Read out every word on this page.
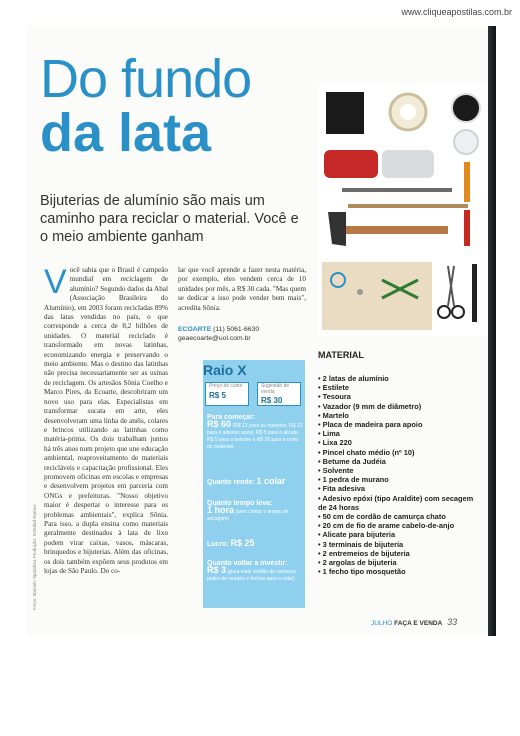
www.cliqueapostilas.com.br
Do fundo
da lata

Bijuterias de alumínio são mais um caminho para reciclar o material. Você e o meio ambiente ganham

Você sabia que o Brasil é campeão mundial em reciclagem de alumínio? Segundo dados da Abal (Associação Brasileira do Alumínio), em 2003 foram recicladas 89% das latas vendidas no país, o que corresponde a cerca de 8,2 bilhões de unidades. O material reciclado é transformado em novas latinhas, economizando energia e preservando o meio ambiente. Mas o destino das latinhas não precisa necessariamente ser as usinas de reciclagem. Os artesãos Sônia Coelho e Marco Pires, da Ecoarte, descobriram um novo uso para elas. Especialistas em transformar sucata em arte, eles desenvolveram uma linha de anéis, colares e brincos utilizando as latinhas como matéria-prima. Os dois trabalham juntos há três anos num projeto que une educação ambiental, reaproveitamento de materiais recicláveis e capacitação profissional. Eles promovem oficinas em escolas e empresas e desenvolvem projetos em parceria com ONGs e prefeituras. "Nosso objetivo maior é despertar o interesse para os problemas ambientais", explica Sônia. Para isso, a dupla ensina como materiais geralmente destinados à lata de lixo podem virar caixas, vasos, máscaras, brinquedos e bijuterias. Além das oficinas, os dois também expõem seus produtos em lojas de São Paulo. Do co-
lar que você aprende a fazer nesta matéria, por exemplo, eles vendem cerca de 10 unidades por mês, a R$ 30 cada. "Mas quem se dedicar a isso pode vender bem mais", acredita Sônia.
ECOARTE (11) 5061-6630
geaecoarte@uol.com.br
Fotos: Marcelo Spatafora Produção: Soledad Ramos
Raio X
Preço de custo
R$ 5
Sugestão de venda
R$ 30
Para começar:
R$ 60 (R$ 12 para os martelos, R$ 12 para o adesivo epóxi, R$ 5 para o alicate, R$ 5 para o betume e R$ 26 para o resto do material)
Quanto rende: 1 colar
Quanto tempo leva:
1 hora (sem contar o tempo de secagem)
Lucro: R$ 25
Quanto voltar a investir:
R$ 3 (para mais cordão de camurça, pedra de murano e fechos para o colar)
MATERIAL
• 2 latas de alumínio
• Estilete
• Tesoura
• Vazador (9 mm de diâmetro)
• Martelo
• Placa de madeira para apoio
• Lima
• Lixa 220
• Pincel chato médio (nº 10)
• Betume da Judéia
• Solvente
• 1 pedra de murano
• Fita adesiva
• Adesivo epóxi (tipo Araldite) com secagem de 24 horas
• 50 cm de cordão de camurça chato
• 20 cm de fio de arame cabelo-de-anjo
• Alicate para bijuteria
• 3 terminais de bijuteria
• 2 entremeios de bijuteria
• 2 argolas de bijuteria
• 1 fecho tipo mosquetão
JULHO FAÇA E VENDA 33
